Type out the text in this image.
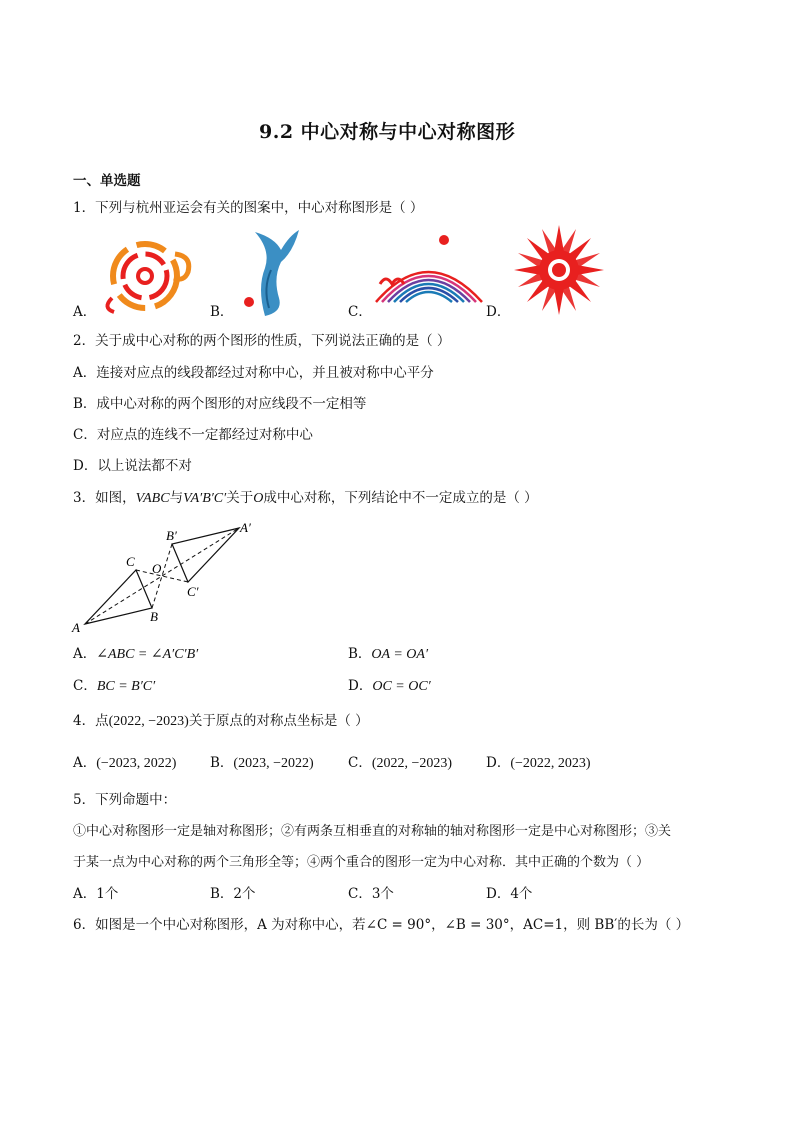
9.2 中心对称与中心对称图形
一、单选题
1．下列与杭州亚运会有关的图案中，中心对称图形是（ ）
A．	B．	C．	D．
2．关于成中心对称的两个图形的性质，下列说法正确的是（ ）
A．连接对应点的线段都经过对称中心，并且被对称中心平分
B．成中心对称的两个图形的对应线段不一定相等
C．对应点的连线不一定都经过对称中心
D．以上说法都不对
3．如图，VABC与VA′B′C′关于O成中心对称，下列结论中不一定成立的是（ ）
A
B
C O
A′
B′
C′
A．∠ABC = ∠A′C′B′	B．OA = OA′
C．BC = B′C′	D．OC = OC′
4．点(2022, −2023)关于原点的对称点坐标是（ ）
A．(−2023, 2022) B．(2023, −2022)	C．(2022, −2023)	D．(−2022, 2023)
5．下列命题中：
①中心对称图形一定是轴对称图形；②有两条互相垂直的对称轴的轴对称图形一定是中心对称图形；③关
于某一点为中心对称的两个三角形全等；④两个重合的图形一定为中心对称．其中正确的个数为（ ）
A．1个	B．2个	C．3个	D．4个
6．如图是一个中心对称图形，A 为对称中心，若∠C = 90°，∠B = 30°，AC=1，则 BB′的长为（ ）
